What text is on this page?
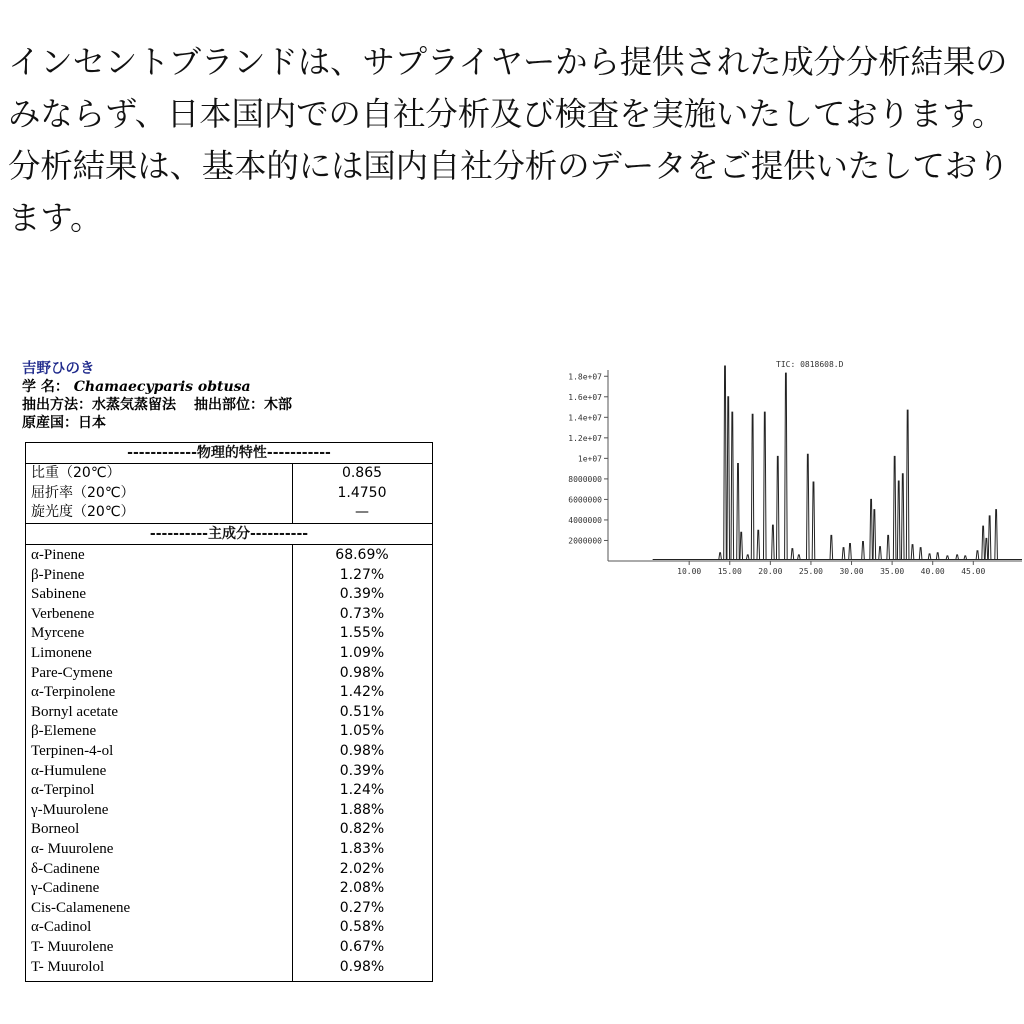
インセントブランドは、サプライヤーから提供された成分分析結果のみならず、日本国内での自社分析及び検査を実施いたしております。分析結果は、基本的には国内自社分析のデータをご提供いたしております。
吉野ひのき
学 名： Chamaecyparis obtusa
抽出方法：水蒸気蒸留法 抽出部位：木部
原産国：日本
------------物理的特性-----------
比重（20℃）	0.865
屈折率（20℃）	1.4750
旋光度（20℃）	—
----------主成分----------
α-Pinene	68.69%
β-Pinene	1.27%
Sabinene	0.39%
Verbenene	0.73%
Myrcene	1.55%
Limonene	1.09%
Pare-Cymene	0.98%
α-Terpinolene	1.42%
Bornyl acetate	0.51%
β-Elemene	1.05%
Terpinen-4-ol	0.98%
α-Humulene	0.39%
α-Terpinol	1.24%
γ-Muurolene	1.88%
Borneol	0.82%
α- Muurolene	1.83%
δ-Cadinene	2.02%
γ-Cadinene	2.08%
Cis-Calamenene	0.27%
α-Cadinol	0.58%
T- Muurolene	0.67%
T- Muurolol	0.98%
TIC: 0818608.D
2000000
4000000
6000000
8000000
1e+07
1.2e+07
1.4e+07
1.6e+07
1.8e+07
10.00 15.00 20.00 25.00 30.00 35.00 40.00 45.00
